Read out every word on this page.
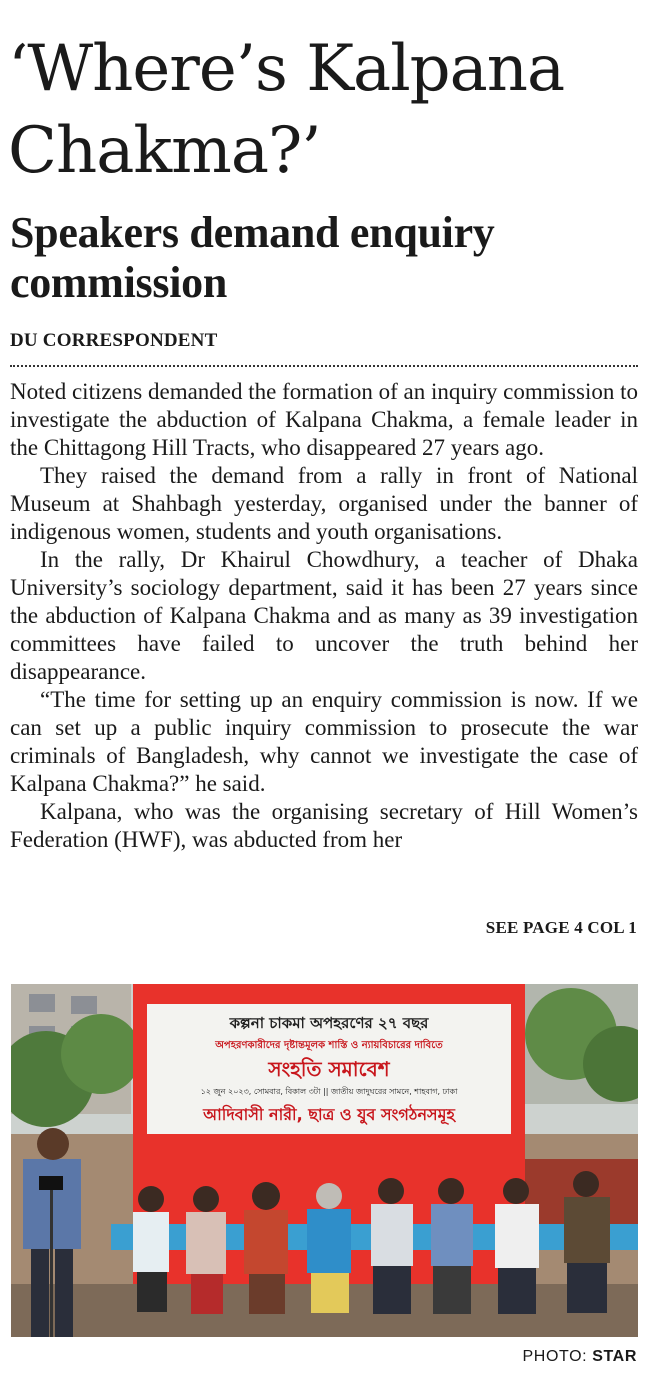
‘Where’s Kalpana
Chakma?’
Speakers demand enquiry
commission
DU CORRESPONDENT

Noted citizens demanded the formation of an inquiry commission to investigate the abduction of Kalpana Chakma, a female leader in the Chittagong Hill Tracts, who disappeared 27 years ago.

They raised the demand from a rally in front of National Museum at Shahbagh yesterday, organised under the banner of indigenous women, students and youth organisations.

In the rally, Dr Khairul Chowdhury, a teacher of Dhaka University’s sociology department, said it has been 27 years since the abduction of Kalpana Chakma and as many as 39 investigation committees have failed to uncover the truth behind her disappearance.

“The time for setting up an enquiry commission is now. If we can set up a public inquiry commission to prosecute the war criminals of Bangladesh, why cannot we investigate the case of Kalpana Chakma?” he said.

Kalpana, who was the organising secretary of Hill Women’s Federation (HWF), was abducted from her

SEE PAGE 4 COL 1
কল্পনা চাকমা অপহরণের ২৭ বছর
অপহরণকারীদের দৃষ্টান্তমূলক শাস্তি ও ন্যায়বিচারের দাবিতে
সংহতি সমাবেশ
১২ জুন ২০২৩, সোমবার, বিকাল ৩টা || জাতীয় জাদুঘরের সামনে, শাহবাগ, ঢাকা
আদিবাসী নারী, ছাত্র ও যুব সংগঠনসমূহ
PHOTO: STAR
